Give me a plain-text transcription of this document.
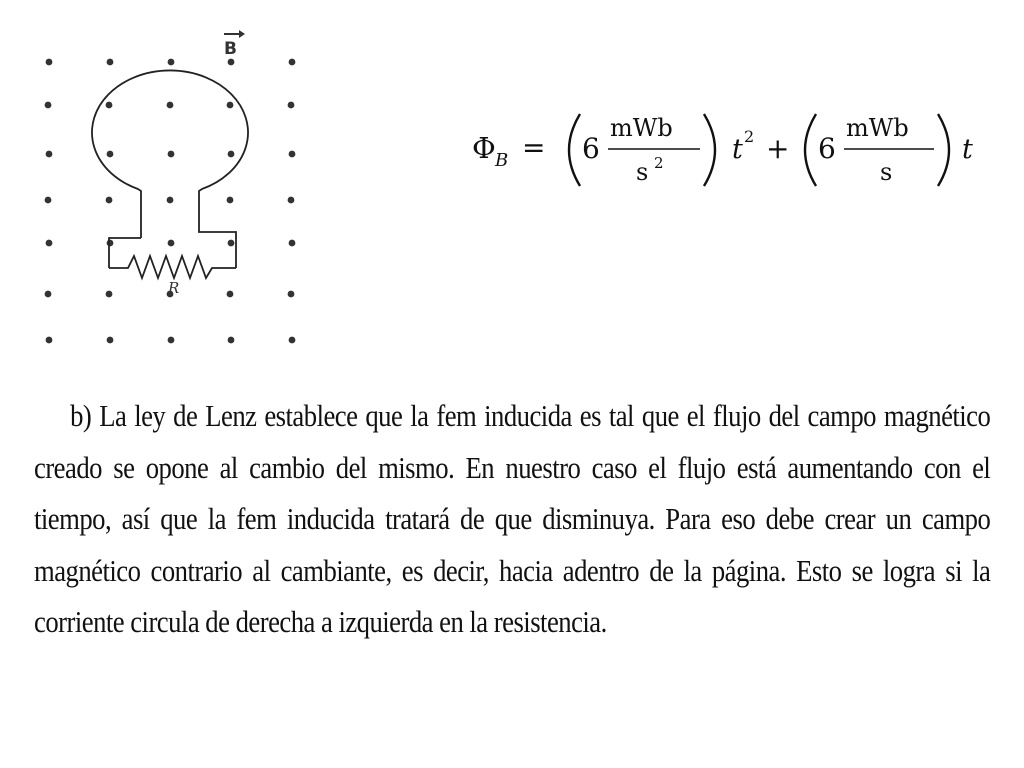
B
R
Φ B = 6
mWb
s 2	t 2 + 6
mWb
s
t

b) La ley de Lenz establece que la fem inducida es tal que el flujo del campo magnético creado se opone al cambio del mismo. En nuestro caso el flujo está aumentando con el tiempo, así que la fem inducida tratará de que disminuya. Para eso debe crear un campo magnético contrario al cambiante, es decir, hacia adentro de la página. Esto se logra si la corriente circula de derecha a izquierda en la resistencia.
